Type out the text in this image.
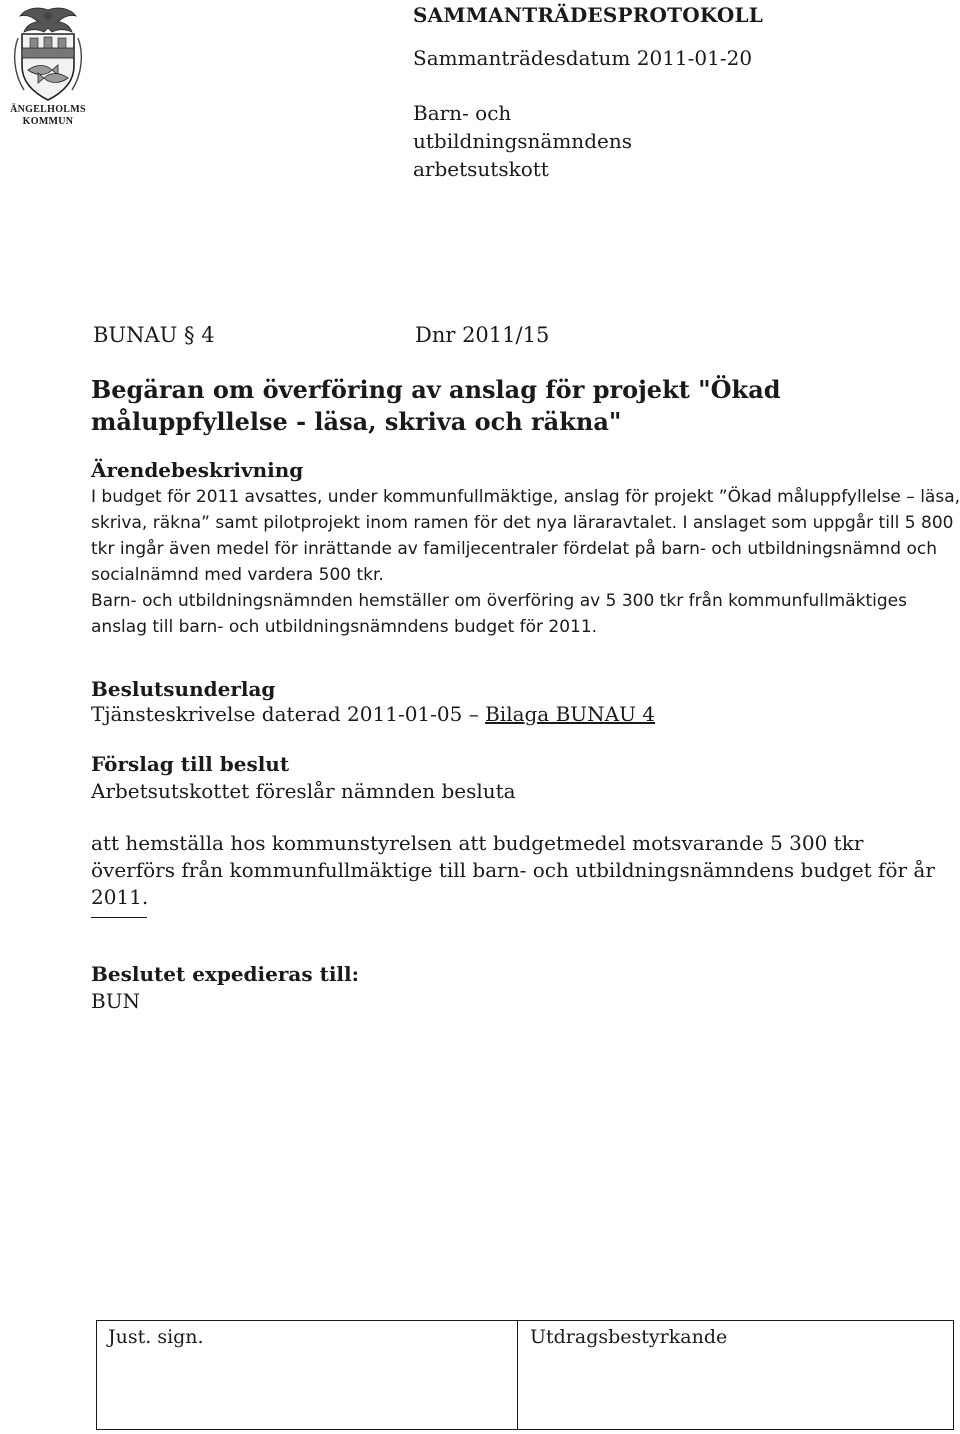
ÄNGELHOLMS
KOMMUN
SAMMANTRÄDESPROTOKOLL
Sammanträdesdatum 2011-01-20
Barn- och utbildningsnämndens arbetsutskott
BUNAU § 4	Dnr 2011/15
Begäran om överföring av anslag för projekt "Ökad måluppfyllelse - läsa, skriva och räkna"
Ärendebeskrivning

I budget för 2011 avsattes, under kommunfullmäktige, anslag för projekt ”Ökad måluppfyllelse – läsa, skriva, räkna” samt pilotprojekt inom ramen för det nya läraravtalet. I anslaget som uppgår till 5 800 tkr ingår även medel för inrättande av familjecentraler fördelat på barn- och utbildningsnämnd och socialnämnd med vardera 500 tkr.

Barn- och utbildningsnämnden hemställer om överföring av 5 300 tkr från kommunfullmäktiges anslag till barn- och utbildningsnämndens budget för 2011.

Beslutsunderlag
Tjänsteskrivelse daterad 2011-01-05 – Bilaga BUNAU 4
Förslag till beslut
Arbetsutskottet föreslår nämnden besluta
att hemställa hos kommunstyrelsen att budgetmedel motsvarande 5 300 tkr överförs från kommunfullmäktige till barn- och utbildningsnämndens budget för år 2011.
Beslutet expedieras till:
BUN
Just. sign.	Utdragsbestyrkande
